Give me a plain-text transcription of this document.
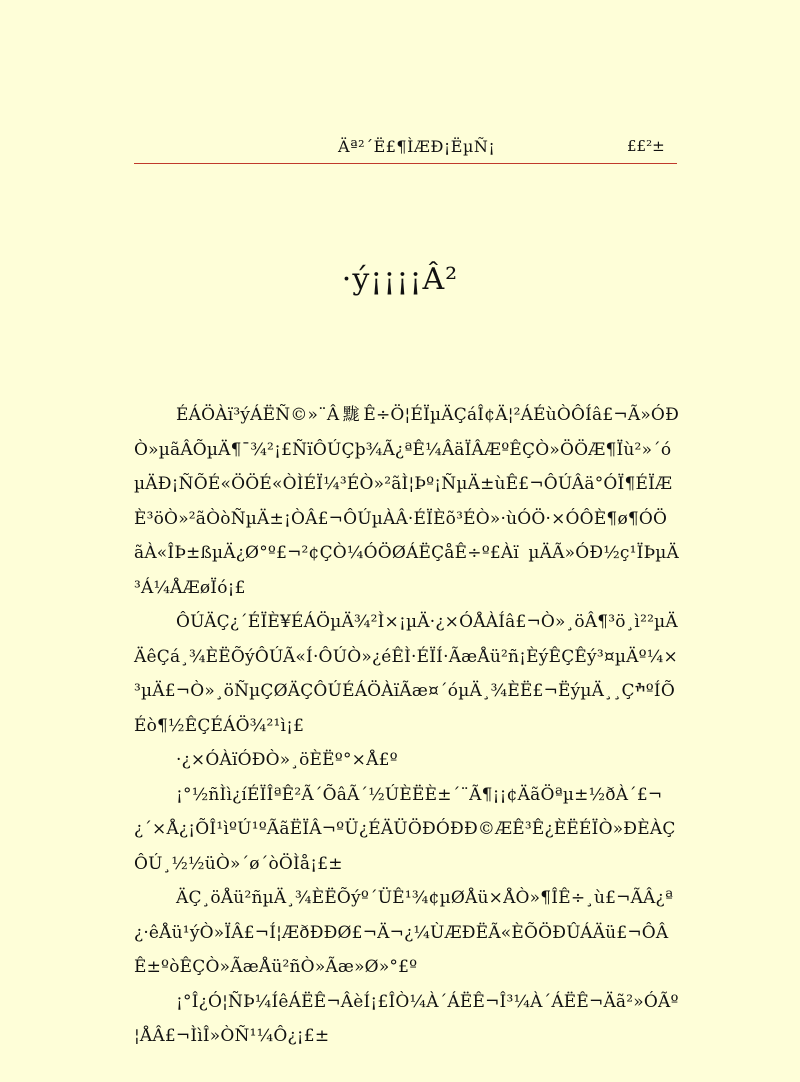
Äª²´Ë£¶ÌÆÐ¡ËµÑ¡	££²±
·ý¡¡¡¡Â²

ÉÁÖÀï³ýÁËÑ©»¨Â䵨Ê÷Ö¦ÉÏµÄÇáÎ¢Ä¦²ÁÉùÒÔÍâ£¬Ã»ÓÐÒ»µãÂÕµÄ¶¯¾²¡£ÑïÔÚÇþ¾Ã¿ªÊ¼ÂäÏÂÆºÊÇÒ»ÖÖÆ¶Ïù²»´óµÄÐ¡ÑÕÉ«ÖÖÉ«ÒÌÉÏ¼³ÉÒ»²ãÌ¦Þº¡ÑµÄ±ùÊ£¬ÔÚÂä°ÓÏ¶ÉÏÆÈ³öÒ»²ãÒòÑµÄ±¡ÒÂ£¬ÔÚµÀÂ·ÉÏÈõ³ÉÒ»·ùÓÖ·×ÓÔÈ¶ø¶ÓÖ ãÀ«ÎÞ±ßµÄ¿Ø°º£¬²¢ÇÒ¼ÓÖØÁËÇåÊ÷º£Àï µÄÃ»ÓÐ½ç¹ÏÞµÄ³Á¼ÅÆøÏó¡£

ÔÚÄÇ¿´ÉÏÈ¥ÉÁÖµÄ¾²Ì×¡µÄ·¿×ÓÅÀÍâ£¬Ò»¸öÂ¶³ö¸ì²²µÄÄêÇá¸¾ÈËÕýÔÚÃ«Í·ÔÚÒ»¿éÊÌ·ÉÏÍ·ÃæÅü²ñ¡ÈýÊÇÊý³¤µÄº¼×³µÄ£¬Ò»¸öÑµÇØÄÇÔÚÉÁÖÀïÃæ¤´óµÄ¸¾ÈË£¬ËýµÄ¸¸ÇׯºÍÕÉò¶½ÊÇÉÁÖ¾²¹ì¡£

·¿×ÓÀïÓÐÒ»¸öÈËº°×Å£º

¡°½ñÌì¿íÉÏÎªÊ²Ã´ÕâÃ´½ÚÈËÈ±´¨Ã¶¡¡¢ÄãÖªµ±½ðÀ´£¬¿´×Å¿¡ÕÎ¹ìºÚ¹ºÃãËÏÂ¬ºÜ¿ÉÄÜÖÐÓÐÐ©ÆÊ³Ê¿ÈËÉÏÒ»ÐÈÀÇÔÚ¸½½üÒ»´ø´òÖÌå¡£±

ÄÇ¸öÅü²ñµÄ¸¾ÈËÕýº´ÜÊ¹¾¢µØÅü×ÅÒ»¶ÎÊ÷¸ù£¬ÃÂ¿ª¿·êÅü¹ýÒ»ÏÂ£¬Í¦ÆðÐÐØ£¬Ä¬¿¼ÙÆÐËÃ«ÈÕÖÐÛÁÄü£¬ÔÂÊ±ºòÊÇÒ»ÃæÅü²ñÒ»Ãæ»Ø»°£º

¡°Î¿Ó¦ÑÞ¼ÍêÁËÊ¬ÂèÍ¡£ÎÒ¼À´ÁËÊ¬Î³¼À´ÁËÊ¬Äã²»ÓÃº¦ÅÂ£¬ÌìÎ»ÒÑ¹¼Ô¿¡£±
